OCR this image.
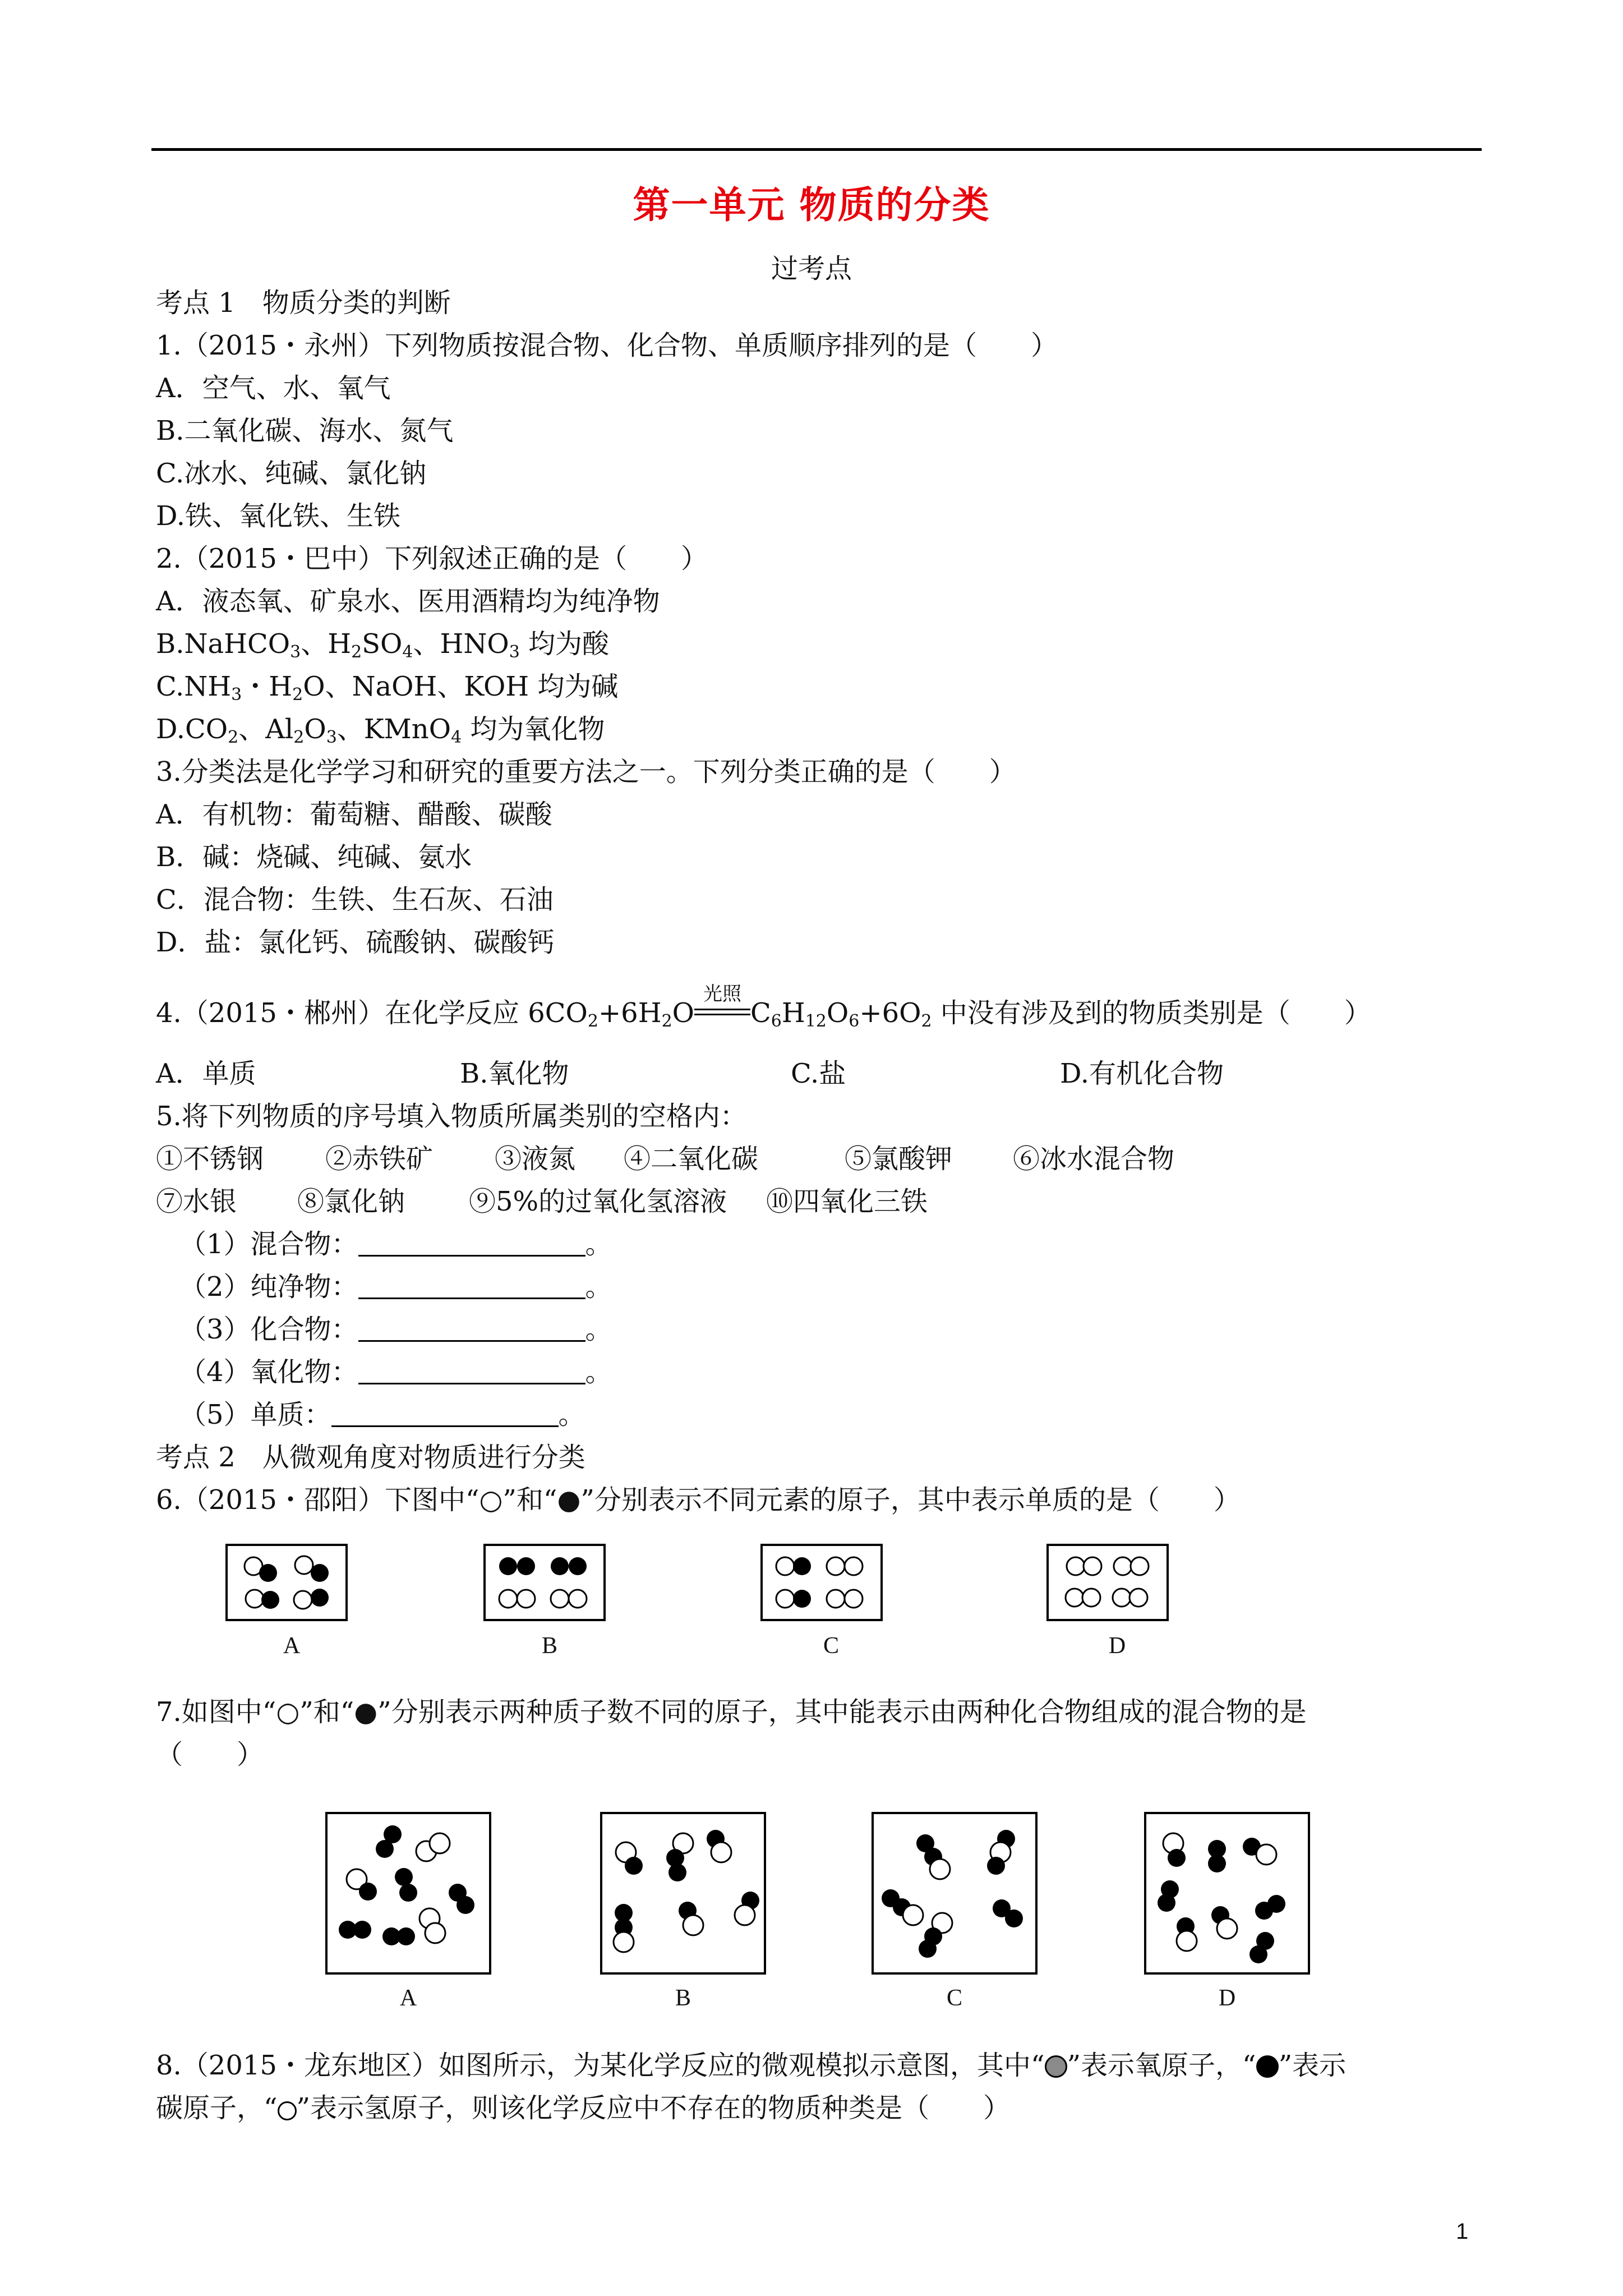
第一单元 物质的分类
过考点
考点 1　物质分类的判断
1.（2015・永州）下列物质按混合物、化合物、单质顺序排列的是（　　）
A．空气、水、氧气
B.二氧化碳、海水、氮气
C.冰水、纯碱、氯化钠
D.铁、氧化铁、生铁
2.（2015・巴中）下列叙述正确的是（　　）
A．液态氧、矿泉水、医用酒精均为纯净物
B.NaHCO$_3$、$H_2SO_4$、$HNO_3$ 均为酸
$C.NH_3$・$H_2O$、NaOH、KOH 均为碱
$D.CO_2$、$Al_2O_3$、KMnO$_4$ 均为氧化物
3.分类法是化学学习和研究的重要方法之一。下列分类正确的是（　　）
A．有机物：葡萄糖、醋酸、碳酸
B．碱：烧碱、纯碱、氨水
C．混合物：生铁、生石灰、石油
D．盐：氯化钙、硫酸钠、碳酸钙
4.（2015・郴州）在化学反应 $6CO_2+6H_2O$
光照
$C_6H_{12}O_6+6O_2$ 中没有涉及到的物质类别是（　　）
A．单质	B.氧化物	C.盐	D.有机化合物
5.将下列物质的序号填入物质所属类别的空格内：
①不锈钢 ②赤铁矿 ③液氮 ④二氧化碳	⑤氯酸钾 ⑥冰水混合物
⑦水银 ⑧氯化钠 ⑨5%的过氧化氢溶液 ⑩四氧化三铁
（1）混合物：	。
（2）纯净物：	。
（3）化合物：	。
（4）氧化物：	。
（5）单质：	。
考点 2　从微观角度对物质进行分类
6.（2015・邵阳）下图中“○”和“●”分别表示不同元素的原子，其中表示单质的是（　　）
A	B	C	D
7.如图中“○”和“●”分别表示两种质子数不同的原子，其中能表示由两种化合物组成的混合物的是
（　　）
A	B	C	D
8.（2015・龙东地区）如图所示，为某化学反应的微观模拟示意图，其中“ ”表示氧原子，“ ”表示
碳原子，“ ”表示氢原子，则该化学反应中不存在的物质种类是（　　）
1
